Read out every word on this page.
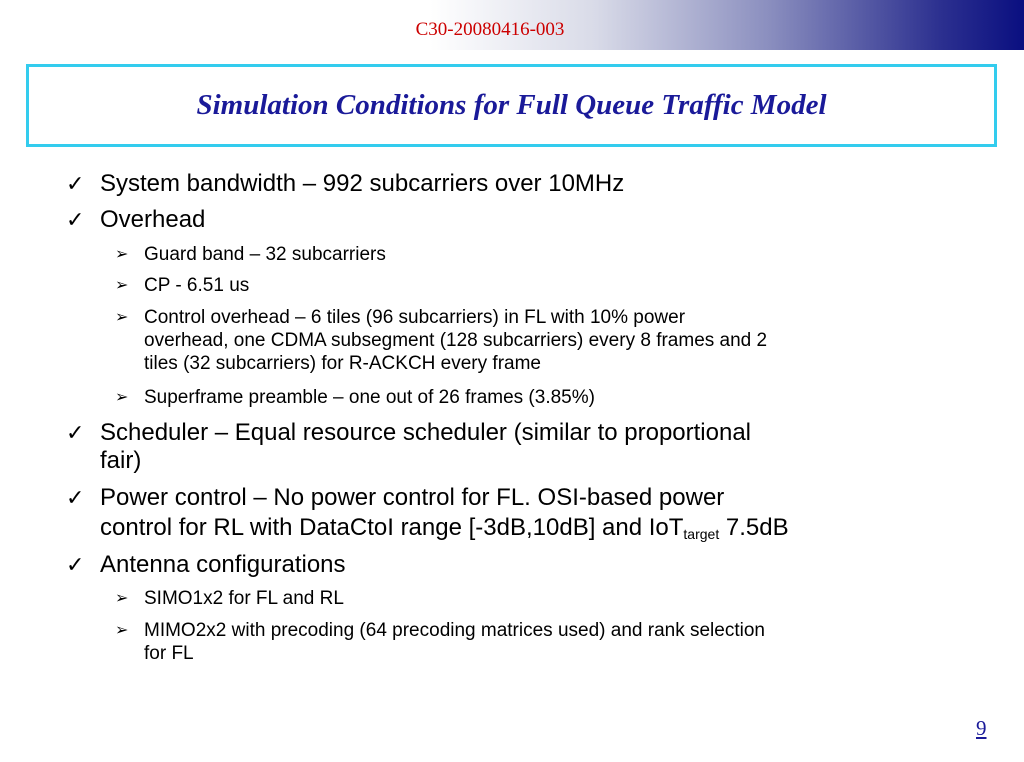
C30-20080416-003
Simulation Conditions for Full Queue Traffic Model
✓ System bandwidth – 992 subcarriers over 10MHz
✓ Overhead
➢ Guard band – 32 subcarriers
➢ CP - 6.51 us
➢ Control overhead – 6 tiles (96 subcarriers) in FL with 10% power
overhead, one CDMA subsegment (128 subcarriers) every 8 frames and 2
tiles (32 subcarriers) for R-ACKCH every frame
➢ Superframe preamble – one out of 26 frames (3.85%)
✓ Scheduler – Equal resource scheduler (similar to proportional
fair)
✓ Power control – No power control for FL. OSI-based power
control for RL with DataCtoI range [-3dB,10dB] and IoT$_{target}$ 7.5dB
✓ Antenna configurations
➢ SIMO1x2 for FL and RL
➢ MIMO2x2 with precoding (64 precoding matrices used) and rank selection
for FL
9
